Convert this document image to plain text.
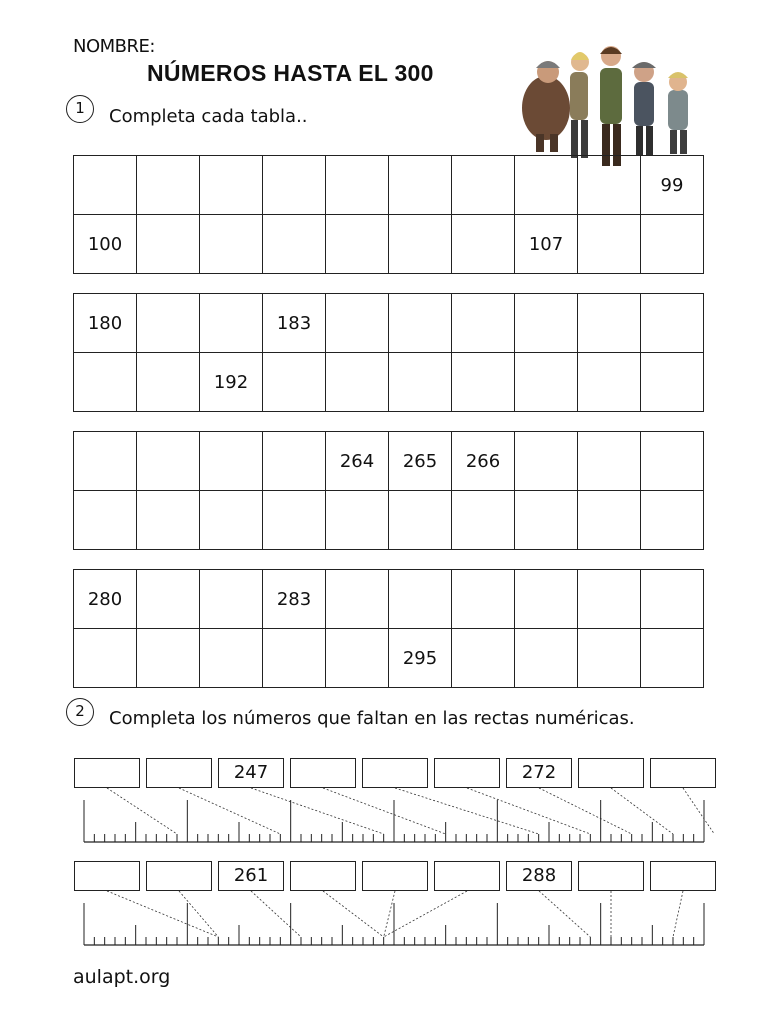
NOMBRE:
NÚMEROS HASTA EL 300
1	Completa cada tabla..
									99
100							107		
180			183						
		192							
				264	265	266			

280			283						
					295				
2	Completa los números que faltan en las rectas numéricas.
247	272
261	288
aulapt.org
